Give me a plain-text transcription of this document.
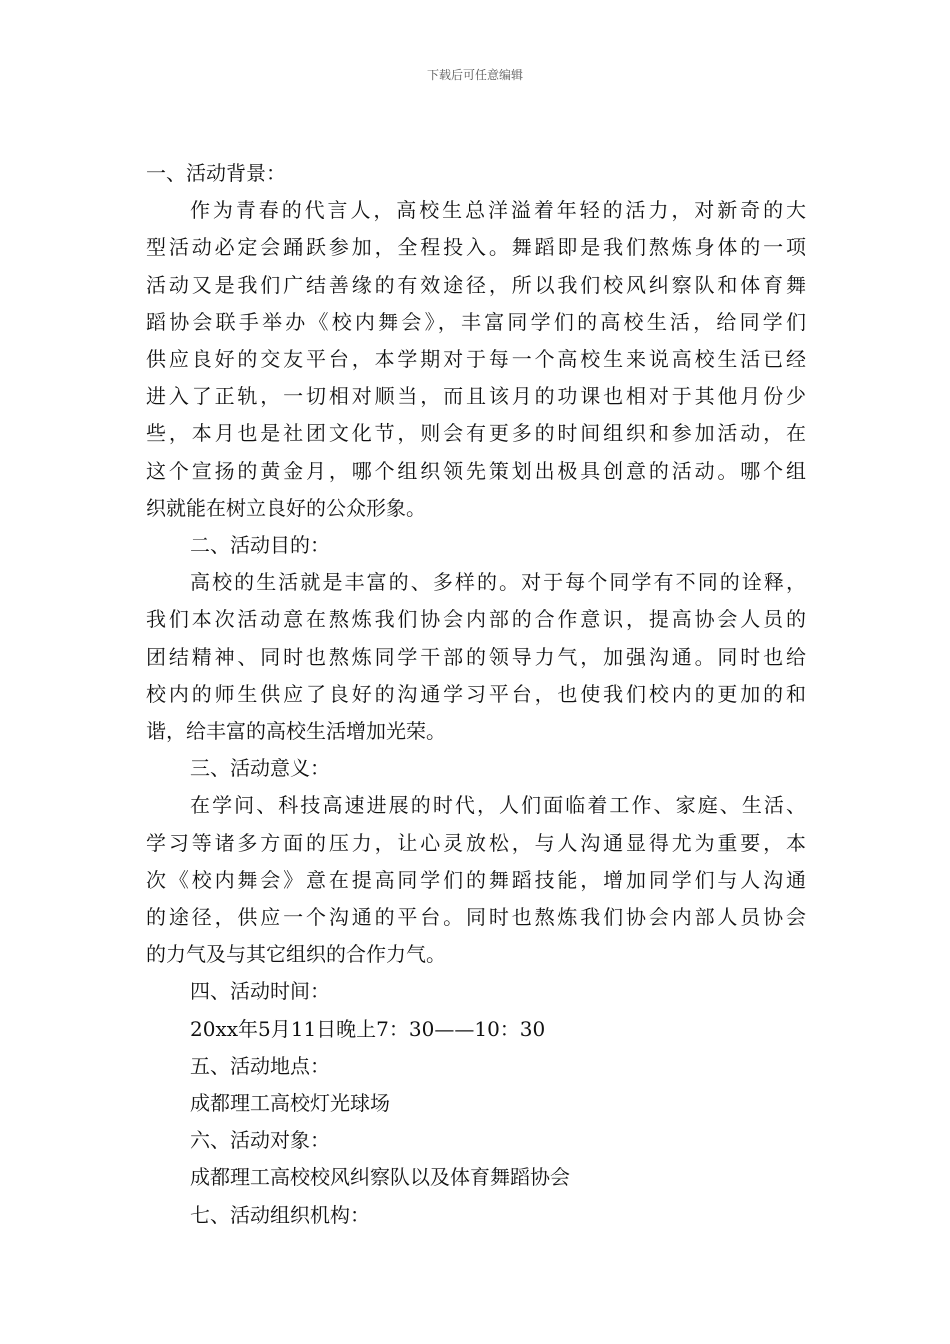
下载后可任意编辑

一、活动背景：

作为青春的代言人，高校生总洋溢着年轻的活力，对新奇的大

型活动必定会踊跃参加，全程投入。舞蹈即是我们熬炼身体的一项

活动又是我们广结善缘的有效途径，所以我们校风纠察队和体育舞

蹈协会联手举办《校内舞会》，丰富同学们的高校生活，给同学们

供应良好的交友平台，本学期对于每一个高校生来说高校生活已经

进入了正轨，一切相对顺当，而且该月的功课也相对于其他月份少

些，本月也是社团文化节，则会有更多的时间组织和参加活动，在

这个宣扬的黄金月，哪个组织领先策划出极具创意的活动。哪个组

织就能在树立良好的公众形象。

二、活动目的：

高校的生活就是丰富的、多样的。对于每个同学有不同的诠释，

我们本次活动意在熬炼我们协会内部的合作意识，提高协会人员的

团结精神、同时也熬炼同学干部的领导力气，加强沟通。同时也给

校内的师生供应了良好的沟通学习平台，也使我们校内的更加的和

谐，给丰富的高校生活增加光荣。

三、活动意义：

在学问、科技高速进展的时代，人们面临着工作、家庭、生活、

学习等诸多方面的压力，让心灵放松，与人沟通显得尤为重要，本

次《校内舞会》意在提高同学们的舞蹈技能，增加同学们与人沟通

的途径，供应一个沟通的平台。同时也熬炼我们协会内部人员协会

的力气及与其它组织的合作力气。

四、活动时间：

20xx年5月11日晚上7：30——10：30

五、活动地点：

成都理工高校灯光球场

六、活动对象：

成都理工高校校风纠察队以及体育舞蹈协会

七、活动组织机构：
